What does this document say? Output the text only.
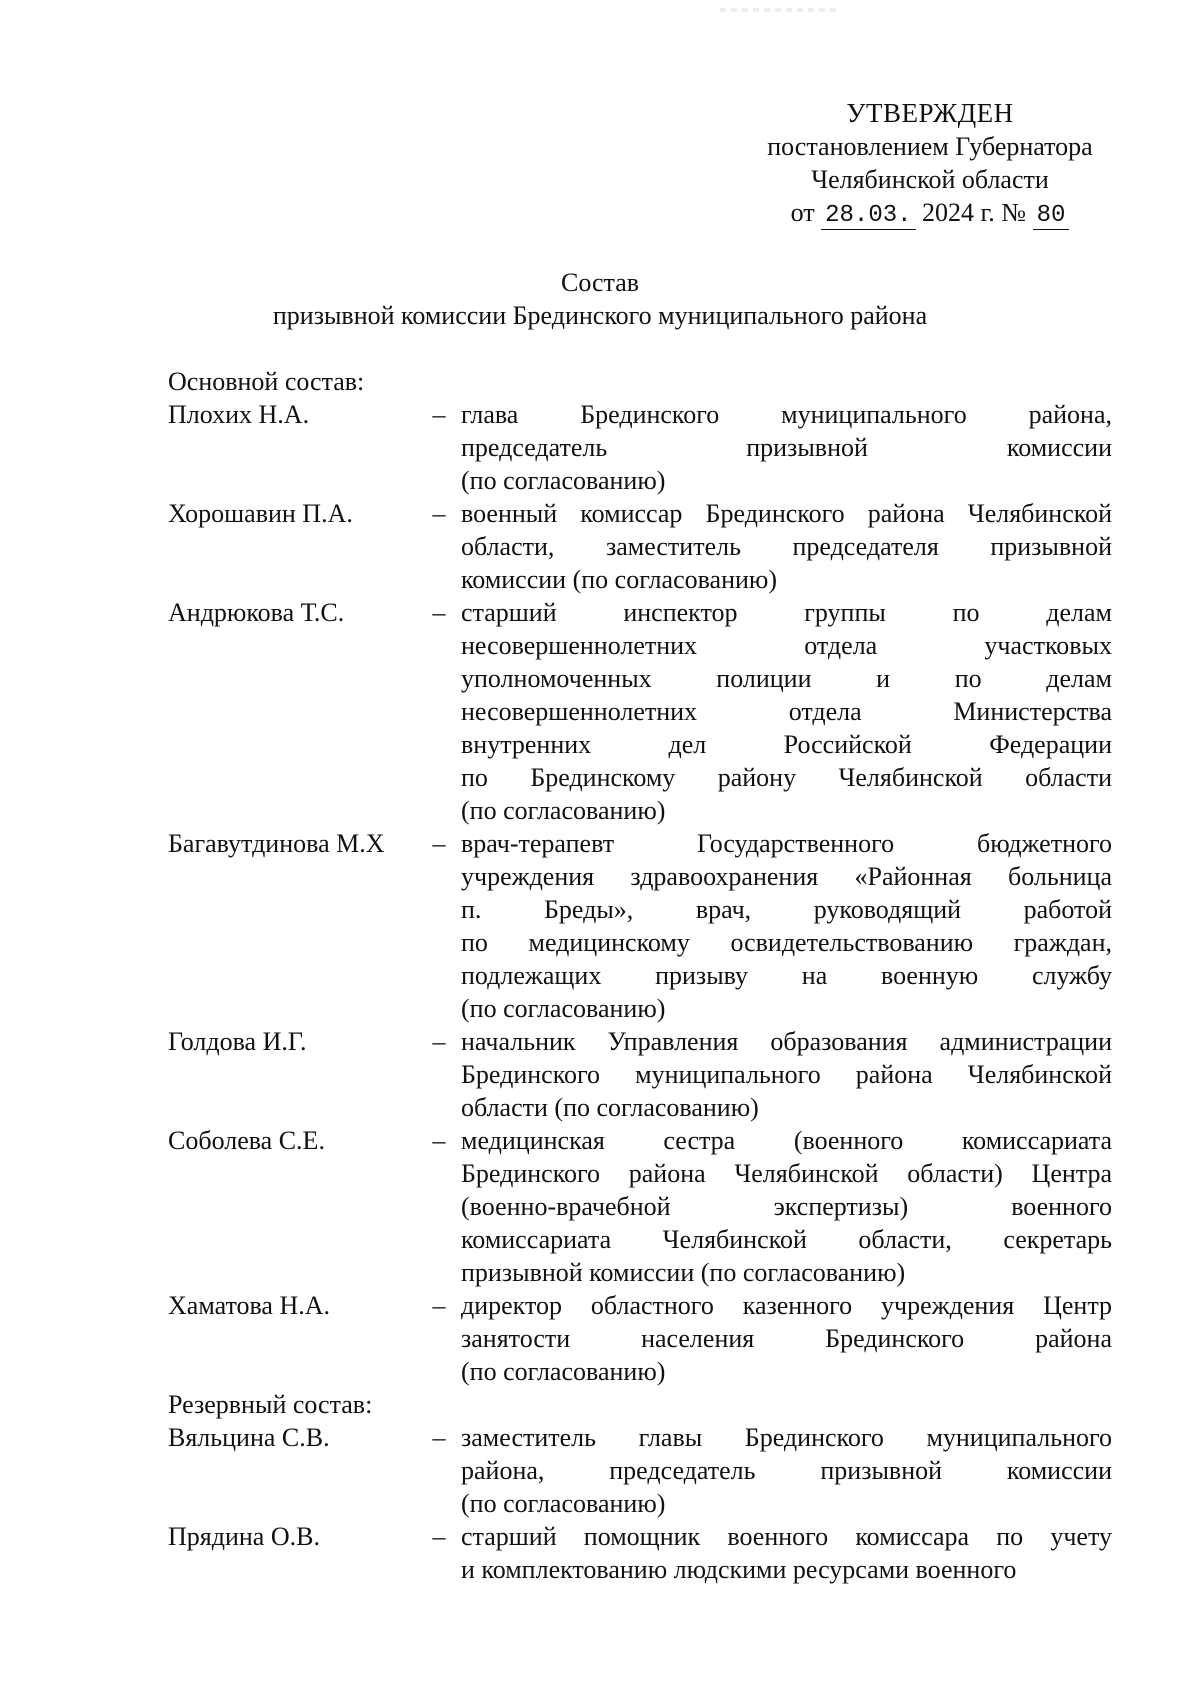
УТВЕРЖДЕН
постановлением Губернатора
Челябинской области
от 28.03. 2024 г. № 80
Состав
призывной комиссии Брединского муниципального района
Основной состав:
Плохих Н.А.	– глава Брединского муниципального района,
председатель призывной комиссии
(по согласованию)
Хорошавин П.А.	– военный комиссар Брединского района Челябинской
области, заместитель председателя призывной
комиссии (по согласованию)
Андрюкова Т.С.	– старший инспектор группы по делам
несовершеннолетних отдела участковых
уполномоченных полиции и по делам
несовершеннолетних отдела Министерства
внутренних дел Российской Федерации
по Брединскому району Челябинской области
(по согласованию)
Багавутдинова М.Х	– врач-терапевт Государственного бюджетного
учреждения здравоохранения «Районная больница
п. Бреды», врач, руководящий работой
по медицинскому освидетельствованию граждан,
подлежащих призыву на военную службу
(по согласованию)
Голдова И.Г.	– начальник Управления образования администрации
Брединского муниципального района Челябинской
области (по согласованию)
Соболева С.Е.	– медицинская сестра (военного комиссариата
Брединского района Челябинской области) Центра
(военно-врачебной экспертизы) военного
комиссариата Челябинской области, секретарь
призывной комиссии (по согласованию)
Хаматова Н.А.	– директор областного казенного учреждения Центр
занятости населения Брединского района
(по согласованию)
Резервный состав:
Вяльцина С.В.	– заместитель главы Брединского муниципального
района, председатель призывной комиссии
(по согласованию)
Прядина О.В.	– старший помощник военного комиссара по учету
и комплектованию людскими ресурсами военного
